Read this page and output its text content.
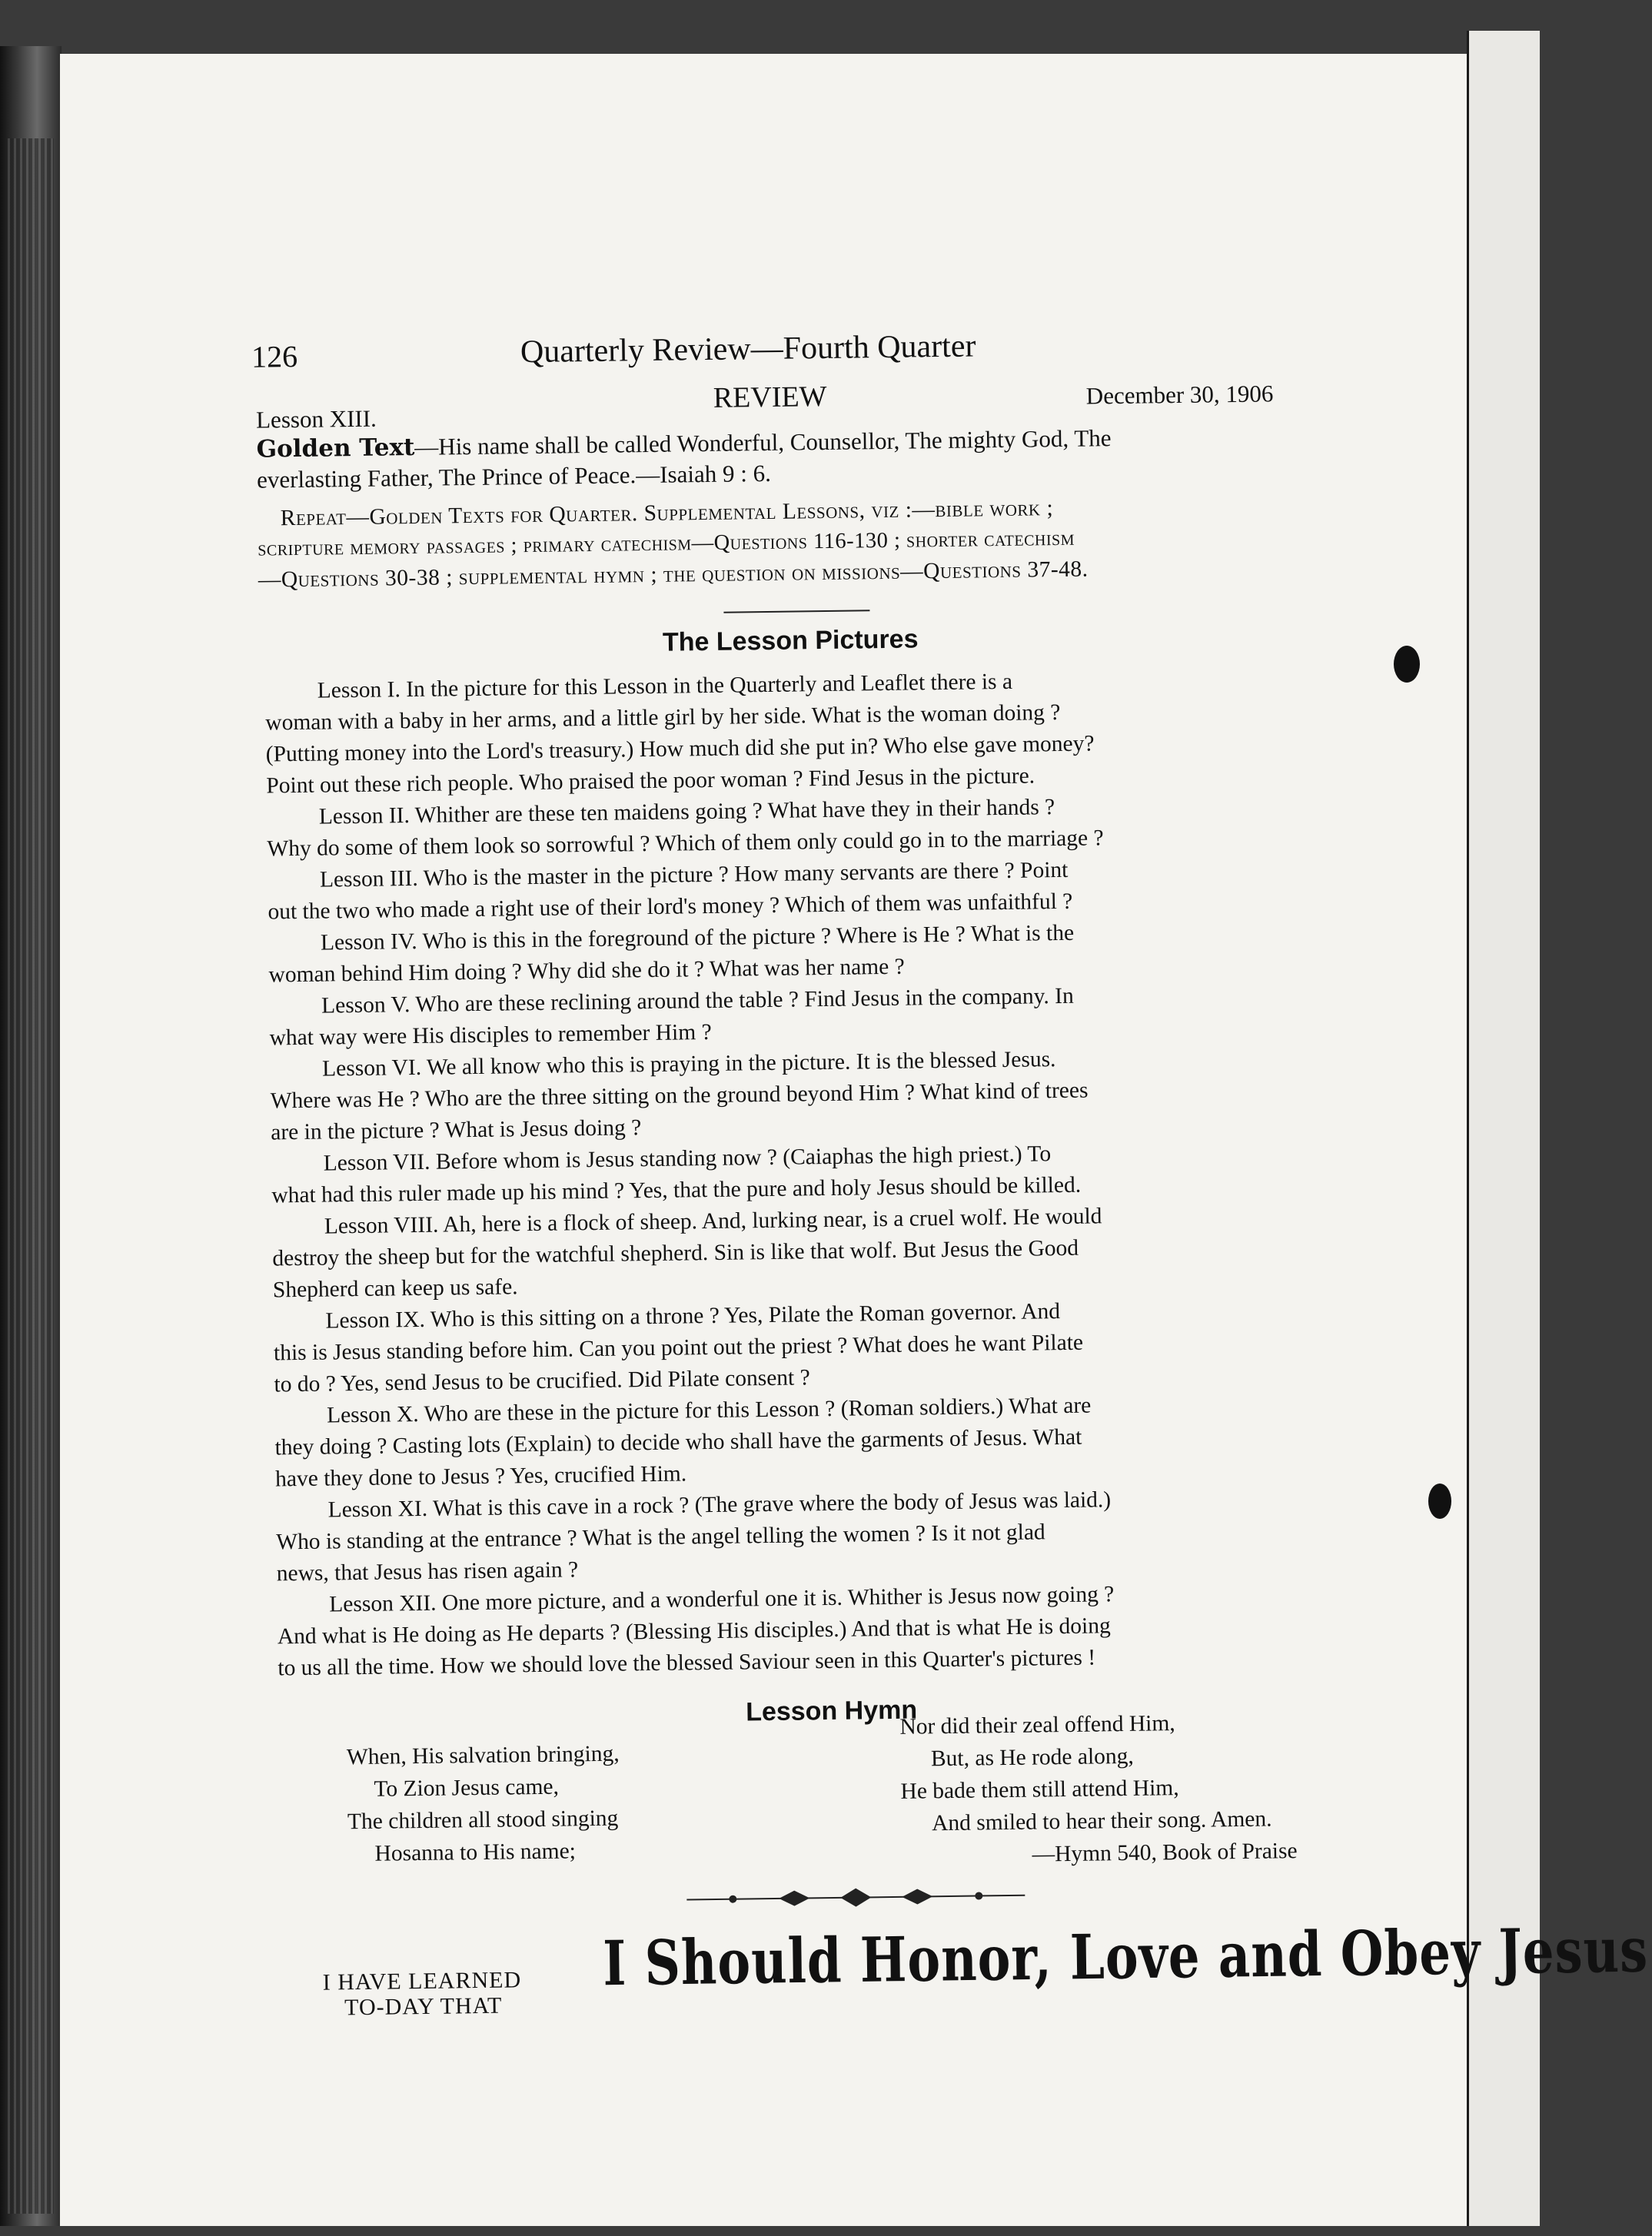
126	Quarterly Review—Fourth Quarter
Lesson XIII.
REVIEW	December 30, 1906
Golden Text—His name shall be called Wonderful, Counsellor, The mighty God, The
everlasting Father, The Prince of Peace.—Isaiah 9 : 6.
Repeat—Golden Texts for Quarter. Supplemental Lessons, viz :—bible work ;
scripture memory passages ; primary catechism—Questions 116-130 ; shorter catechism
—Questions 30-38 ; supplemental hymn ; the question on missions—Questions 37-48.
The Lesson Pictures
Lesson I. In the picture for this Lesson in the Quarterly and Leaflet there is a
woman with a baby in her arms, and a little girl by her side. What is the woman doing ?
(Putting money into the Lord's treasury.) How much did she put in? Who else gave money?
Point out these rich people. Who praised the poor woman ? Find Jesus in the picture.
Lesson II. Whither are these ten maidens going ? What have they in their hands ?
Why do some of them look so sorrowful ? Which of them only could go in to the marriage ?
Lesson III. Who is the master in the picture ? How many servants are there ? Point
out the two who made a right use of their lord's money ? Which of them was unfaithful ?
Lesson IV. Who is this in the foreground of the picture ? Where is He ? What is the
woman behind Him doing ? Why did she do it ? What was her name ?
Lesson V. Who are these reclining around the table ? Find Jesus in the company. In
what way were His disciples to remember Him ?
Lesson VI. We all know who this is praying in the picture. It is the blessed Jesus.
Where was He ? Who are the three sitting on the ground beyond Him ? What kind of trees
are in the picture ? What is Jesus doing ?
Lesson VII. Before whom is Jesus standing now ? (Caiaphas the high priest.) To
what had this ruler made up his mind ? Yes, that the pure and holy Jesus should be killed.
Lesson VIII. Ah, here is a flock of sheep. And, lurking near, is a cruel wolf. He would
destroy the sheep but for the watchful shepherd. Sin is like that wolf. But Jesus the Good
Shepherd can keep us safe.
Lesson IX. Who is this sitting on a throne ? Yes, Pilate the Roman governor. And
this is Jesus standing before him. Can you point out the priest ? What does he want Pilate
to do ? Yes, send Jesus to be crucified. Did Pilate consent ?
Lesson X. Who are these in the picture for this Lesson ? (Roman soldiers.) What are
they doing ? Casting lots (Explain) to decide who shall have the garments of Jesus. What
have they done to Jesus ? Yes, crucified Him.
Lesson XI. What is this cave in a rock ? (The grave where the body of Jesus was laid.)
Who is standing at the entrance ? What is the angel telling the women ? Is it not glad
news, that Jesus has risen again ?
Lesson XII. One more picture, and a wonderful one it is. Whither is Jesus now going ?
And what is He doing as He departs ? (Blessing His disciples.) And that is what He is doing
to us all the time. How we should love the blessed Saviour seen in this Quarter's pictures !
Lesson Hymn
When, His salvation bringing,
To Zion Jesus came,
The children all stood singing
Hosanna to His name;
Nor did their zeal offend Him,
But, as He rode along,
He bade them still attend Him,
And smiled to hear their song. Amen.
—Hymn 540, Book of Praise
I HAVE LEARNED
TO-DAY THAT
I Should Honor, Love and Obey Jesus
